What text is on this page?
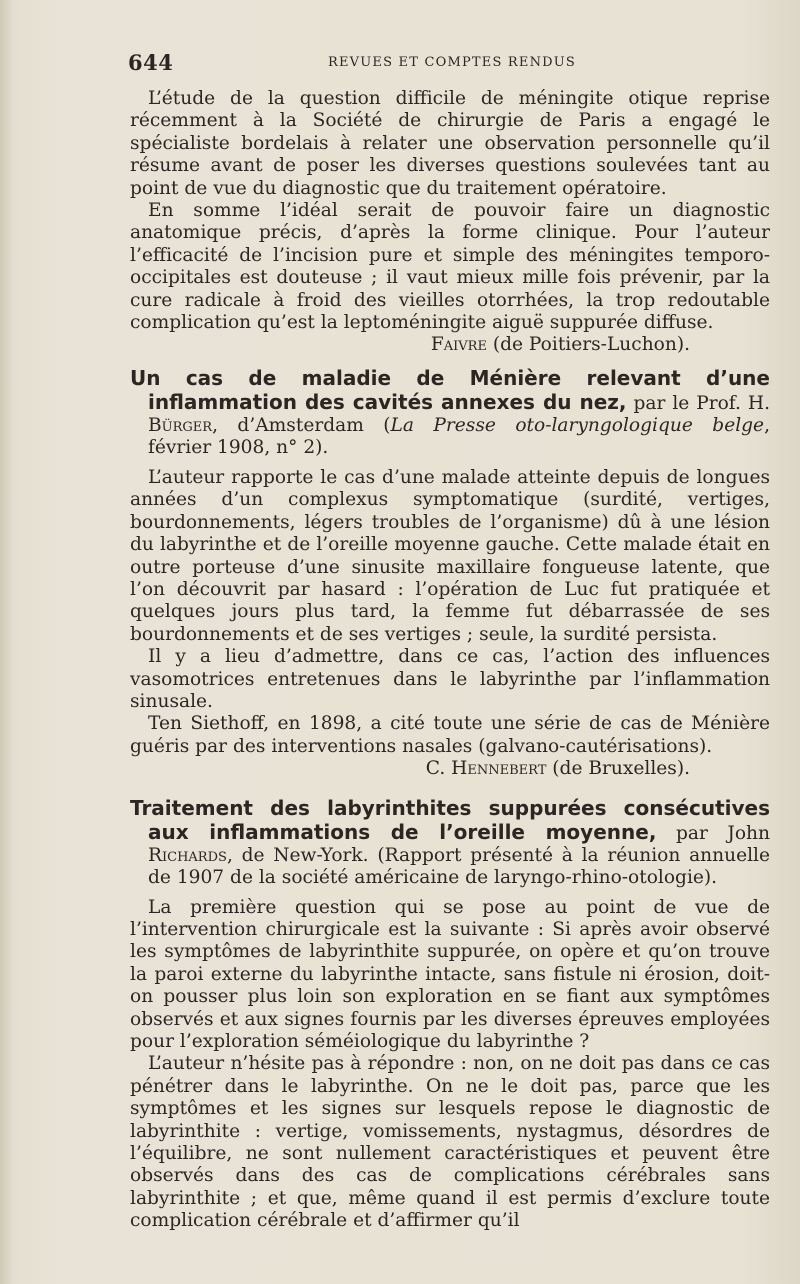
644	REVUES ET COMPTES RENDUS

L’étude de la question difficile de méningite otique reprise récemment à la Société de chirurgie de Paris a engagé le spécialiste bordelais à relater une observation personnelle qu’il résume avant de poser les diverses questions soulevées tant au point de vue du diagnostic que du traitement opératoire.

En somme l’idéal serait de pouvoir faire un diagnostic anatomique précis, d’après la forme clinique. Pour l’auteur l’efficacité de l’incision pure et simple des méningites temporo-occipitales est douteuse ; il vaut mieux mille fois prévenir, par la cure radicale à froid des vieilles otorrhées, la trop redoutable complication qu’est la leptoméningite aiguë suppurée diffuse.

Faivre (de Poitiers-Luchon).

Un cas de maladie de Ménière relevant d’une inflammation des cavités annexes du nez, par le Prof. H. Bürger, d’Amsterdam (La Presse oto-laryngologique belge, février 1908, n° 2).

L’auteur rapporte le cas d’une malade atteinte depuis de longues années d’un complexus symptomatique (surdité, vertiges, bourdonnements, légers troubles de l’organisme) dû à une lésion du labyrinthe et de l’oreille moyenne gauche. Cette malade était en outre porteuse d’une sinusite maxillaire fongueuse latente, que l’on découvrit par hasard : l’opération de Luc fut pratiquée et quelques jours plus tard, la femme fut débarrassée de ses bourdonnements et de ses vertiges ; seule, la surdité persista.

Il y a lieu d’admettre, dans ce cas, l’action des influences vasomotrices entretenues dans le labyrinthe par l’inflammation sinusale.

Ten Siethoff, en 1898, a cité toute une série de cas de Ménière guéris par des interventions nasales (galvano-cautérisations).

C. Hennebert (de Bruxelles).

Traitement des labyrinthites suppurées consécutives aux inflammations de l’oreille moyenne, par John Richards, de New-York. (Rapport présenté à la réunion annuelle de 1907 de la société américaine de laryngo-rhino-otologie).

La première question qui se pose au point de vue de l’intervention chirurgicale est la suivante : Si après avoir observé les symptômes de labyrinthite suppurée, on opère et qu’on trouve la paroi externe du labyrinthe intacte, sans fistule ni érosion, doit-on pousser plus loin son exploration en se fiant aux symptômes observés et aux signes fournis par les diverses épreuves employées pour l’exploration séméiologique du labyrinthe ?

L’auteur n’hésite pas à répondre : non, on ne doit pas dans ce cas pénétrer dans le labyrinthe. On ne le doit pas, parce que les symptômes et les signes sur lesquels repose le diagnostic de labyrinthite : vertige, vomissements, nystagmus, désordres de l’équilibre, ne sont nullement caractéristiques et peuvent être observés dans des cas de complications cérébrales sans labyrinthite ; et que, même quand il est permis d’exclure toute complication cérébrale et d’affirmer qu’il
